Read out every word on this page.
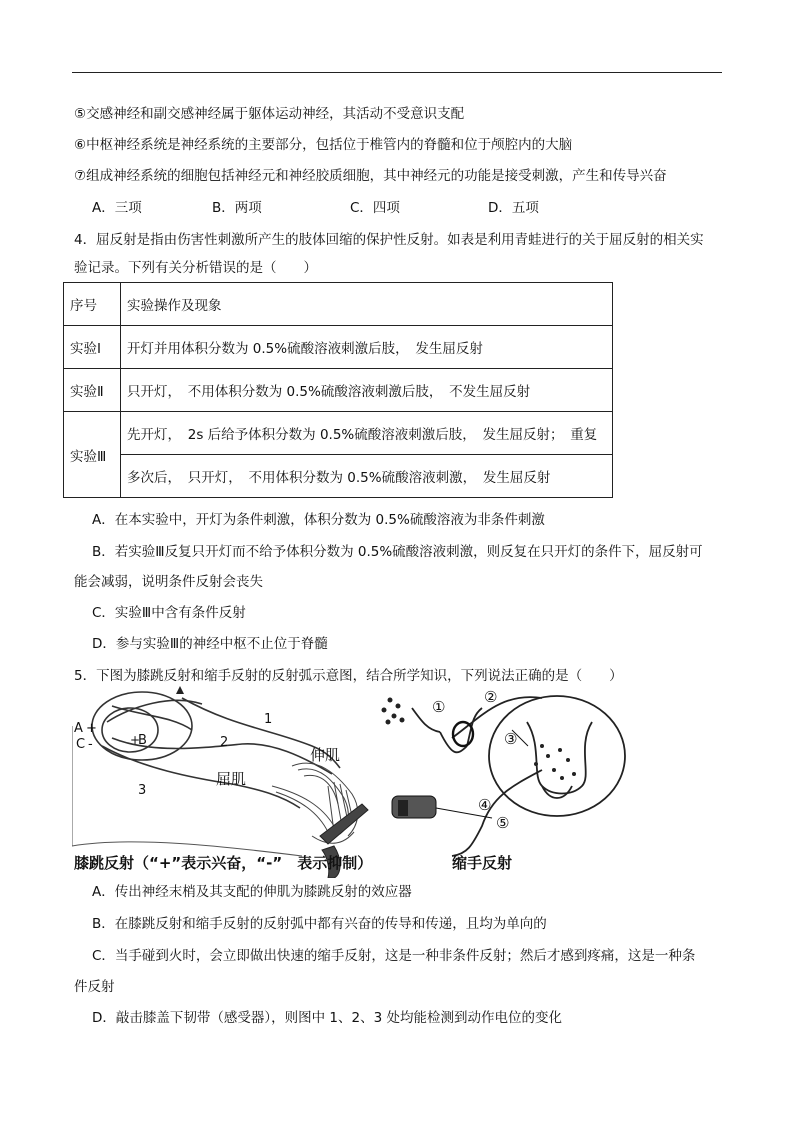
⑤交感神经和副交感神经属于躯体运动神经，其活动不受意识支配
⑥中枢神经系统是神经系统的主要部分，包括位于椎管内的脊髓和位于颅腔内的大脑
⑦组成神经系统的细胞包括神经元和神经胶质细胞，其中神经元的功能是接受刺激，产生和传导兴奋
A．三项	B．两项	C．四项	D．五项
4．屈反射是指由伤害性刺激所产生的肢体回缩的保护性反射。如表是利用青蛙进行的关于屈反射的相关实
验记录。下列有关分析错误的是（　　）
序号	实验操作及现象
实验Ⅰ	开灯并用体积分数为 0.5%硫酸溶液刺激后肢，　发生屈反射
实验Ⅱ	只开灯，　不用体积分数为 0.5%硫酸溶液刺激后肢，　不发生屈反射
实验Ⅲ	先开灯，　2s 后给予体积分数为 0.5%硫酸溶液刺激后肢，　发生屈反射；　重复
	多次后，　只开灯，　不用体积分数为 0.5%硫酸溶液刺激，　发生屈反射
A．在本实验中，开灯为条件刺激，体积分数为 0.5%硫酸溶液为非条件刺激
B．若实验Ⅲ反复只开灯而不给予体积分数为 0.5%硫酸溶液刺激，则反复在只开灯的条件下，屈反射可
能会减弱，说明条件反射会丧失
C．实验Ⅲ中含有条件反射
D．参与实验Ⅲ的神经中枢不止位于脊髓
5．下图为膝跳反射和缩手反射的反射弧示意图，结合所学知识，下列说法正确的是（　　）
A +
C -	+
B
1
2
3
伸肌
屈肌
①
②
③
④
⑤
膝跳反射（“+”表示兴奋，“-”　表示抑制）	缩手反射
A．传出神经末梢及其支配的伸肌为膝跳反射的效应器
B．在膝跳反射和缩手反射的反射弧中都有兴奋的传导和传递，且均为单向的
C．当手碰到火时，会立即做出快速的缩手反射，这是一种非条件反射；然后才感到疼痛，这是一种条
件反射
D．敲击膝盖下韧带（感受器），则图中 1、2、3 处均能检测到动作电位的变化
